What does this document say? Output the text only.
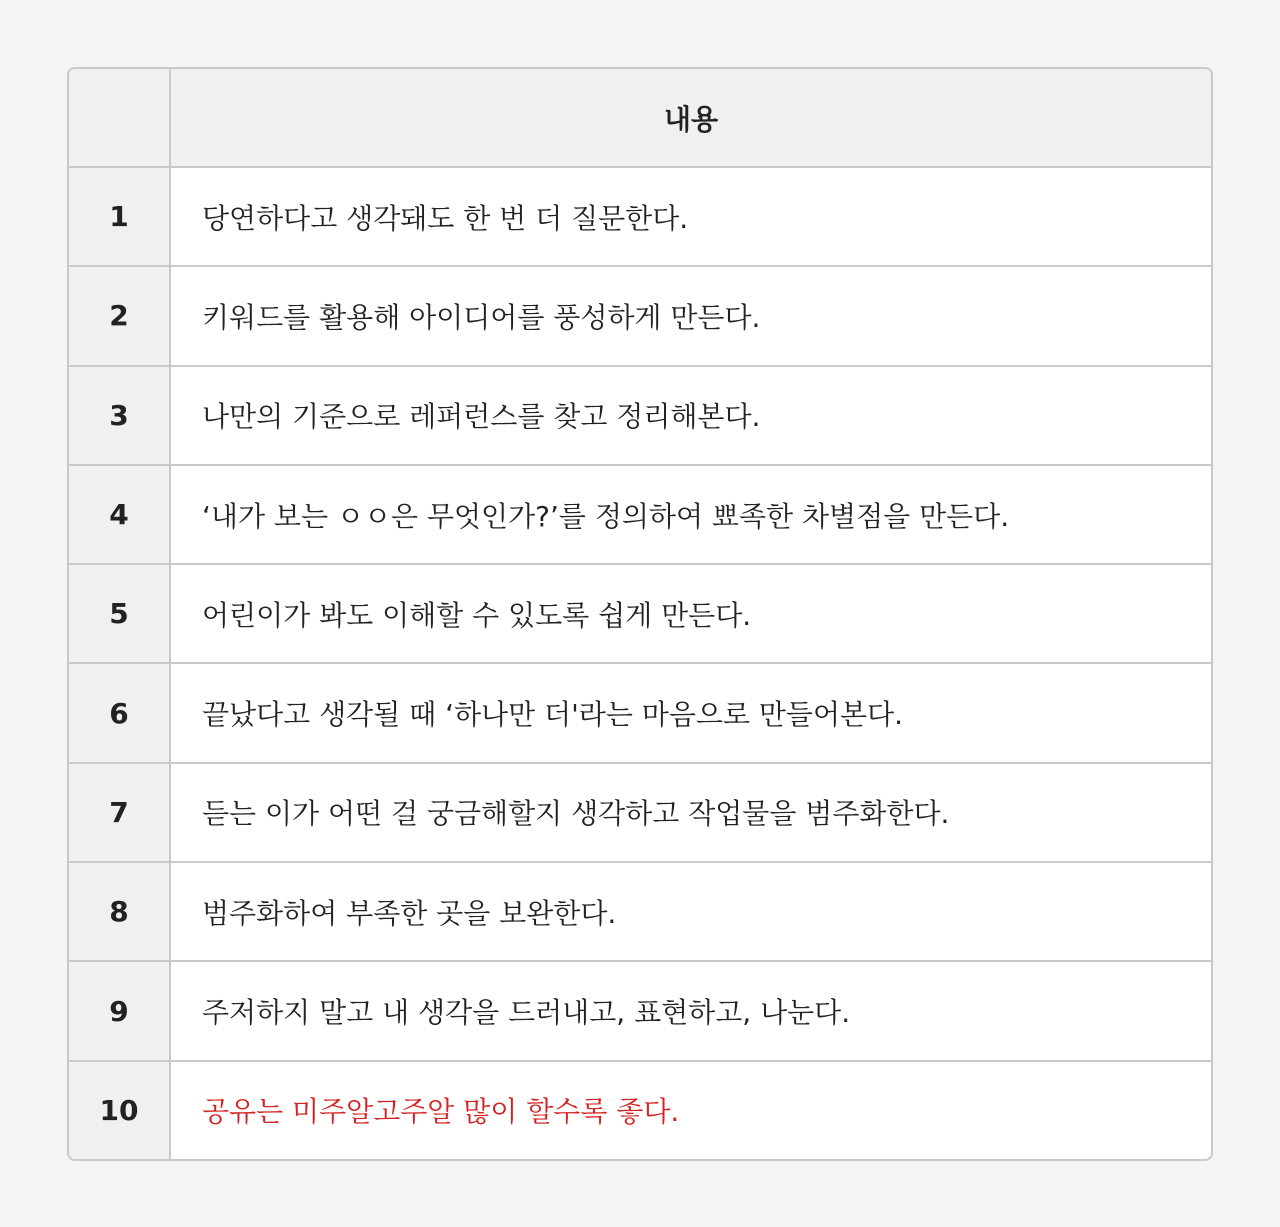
	내용
1	당연하다고 생각돼도 한 번 더 질문한다.
2	키워드를 활용해 아이디어를 풍성하게 만든다.
3	나만의 기준으로 레퍼런스를 찾고 정리해본다.
4	‘내가 보는 ㅇㅇ은 무엇인가?’를 정의하여 뾰족한 차별점을 만든다.
5	어린이가 봐도 이해할 수 있도록 쉽게 만든다.
6	끝났다고 생각될 때 ‘하나만 더'라는 마음으로 만들어본다.
7	듣는 이가 어떤 걸 궁금해할지 생각하고 작업물을 범주화한다.
8	범주화하여 부족한 곳을 보완한다.
9	주저하지 말고 내 생각을 드러내고, 표현하고, 나눈다.
10	공유는 미주알고주알 많이 할수록 좋다.
